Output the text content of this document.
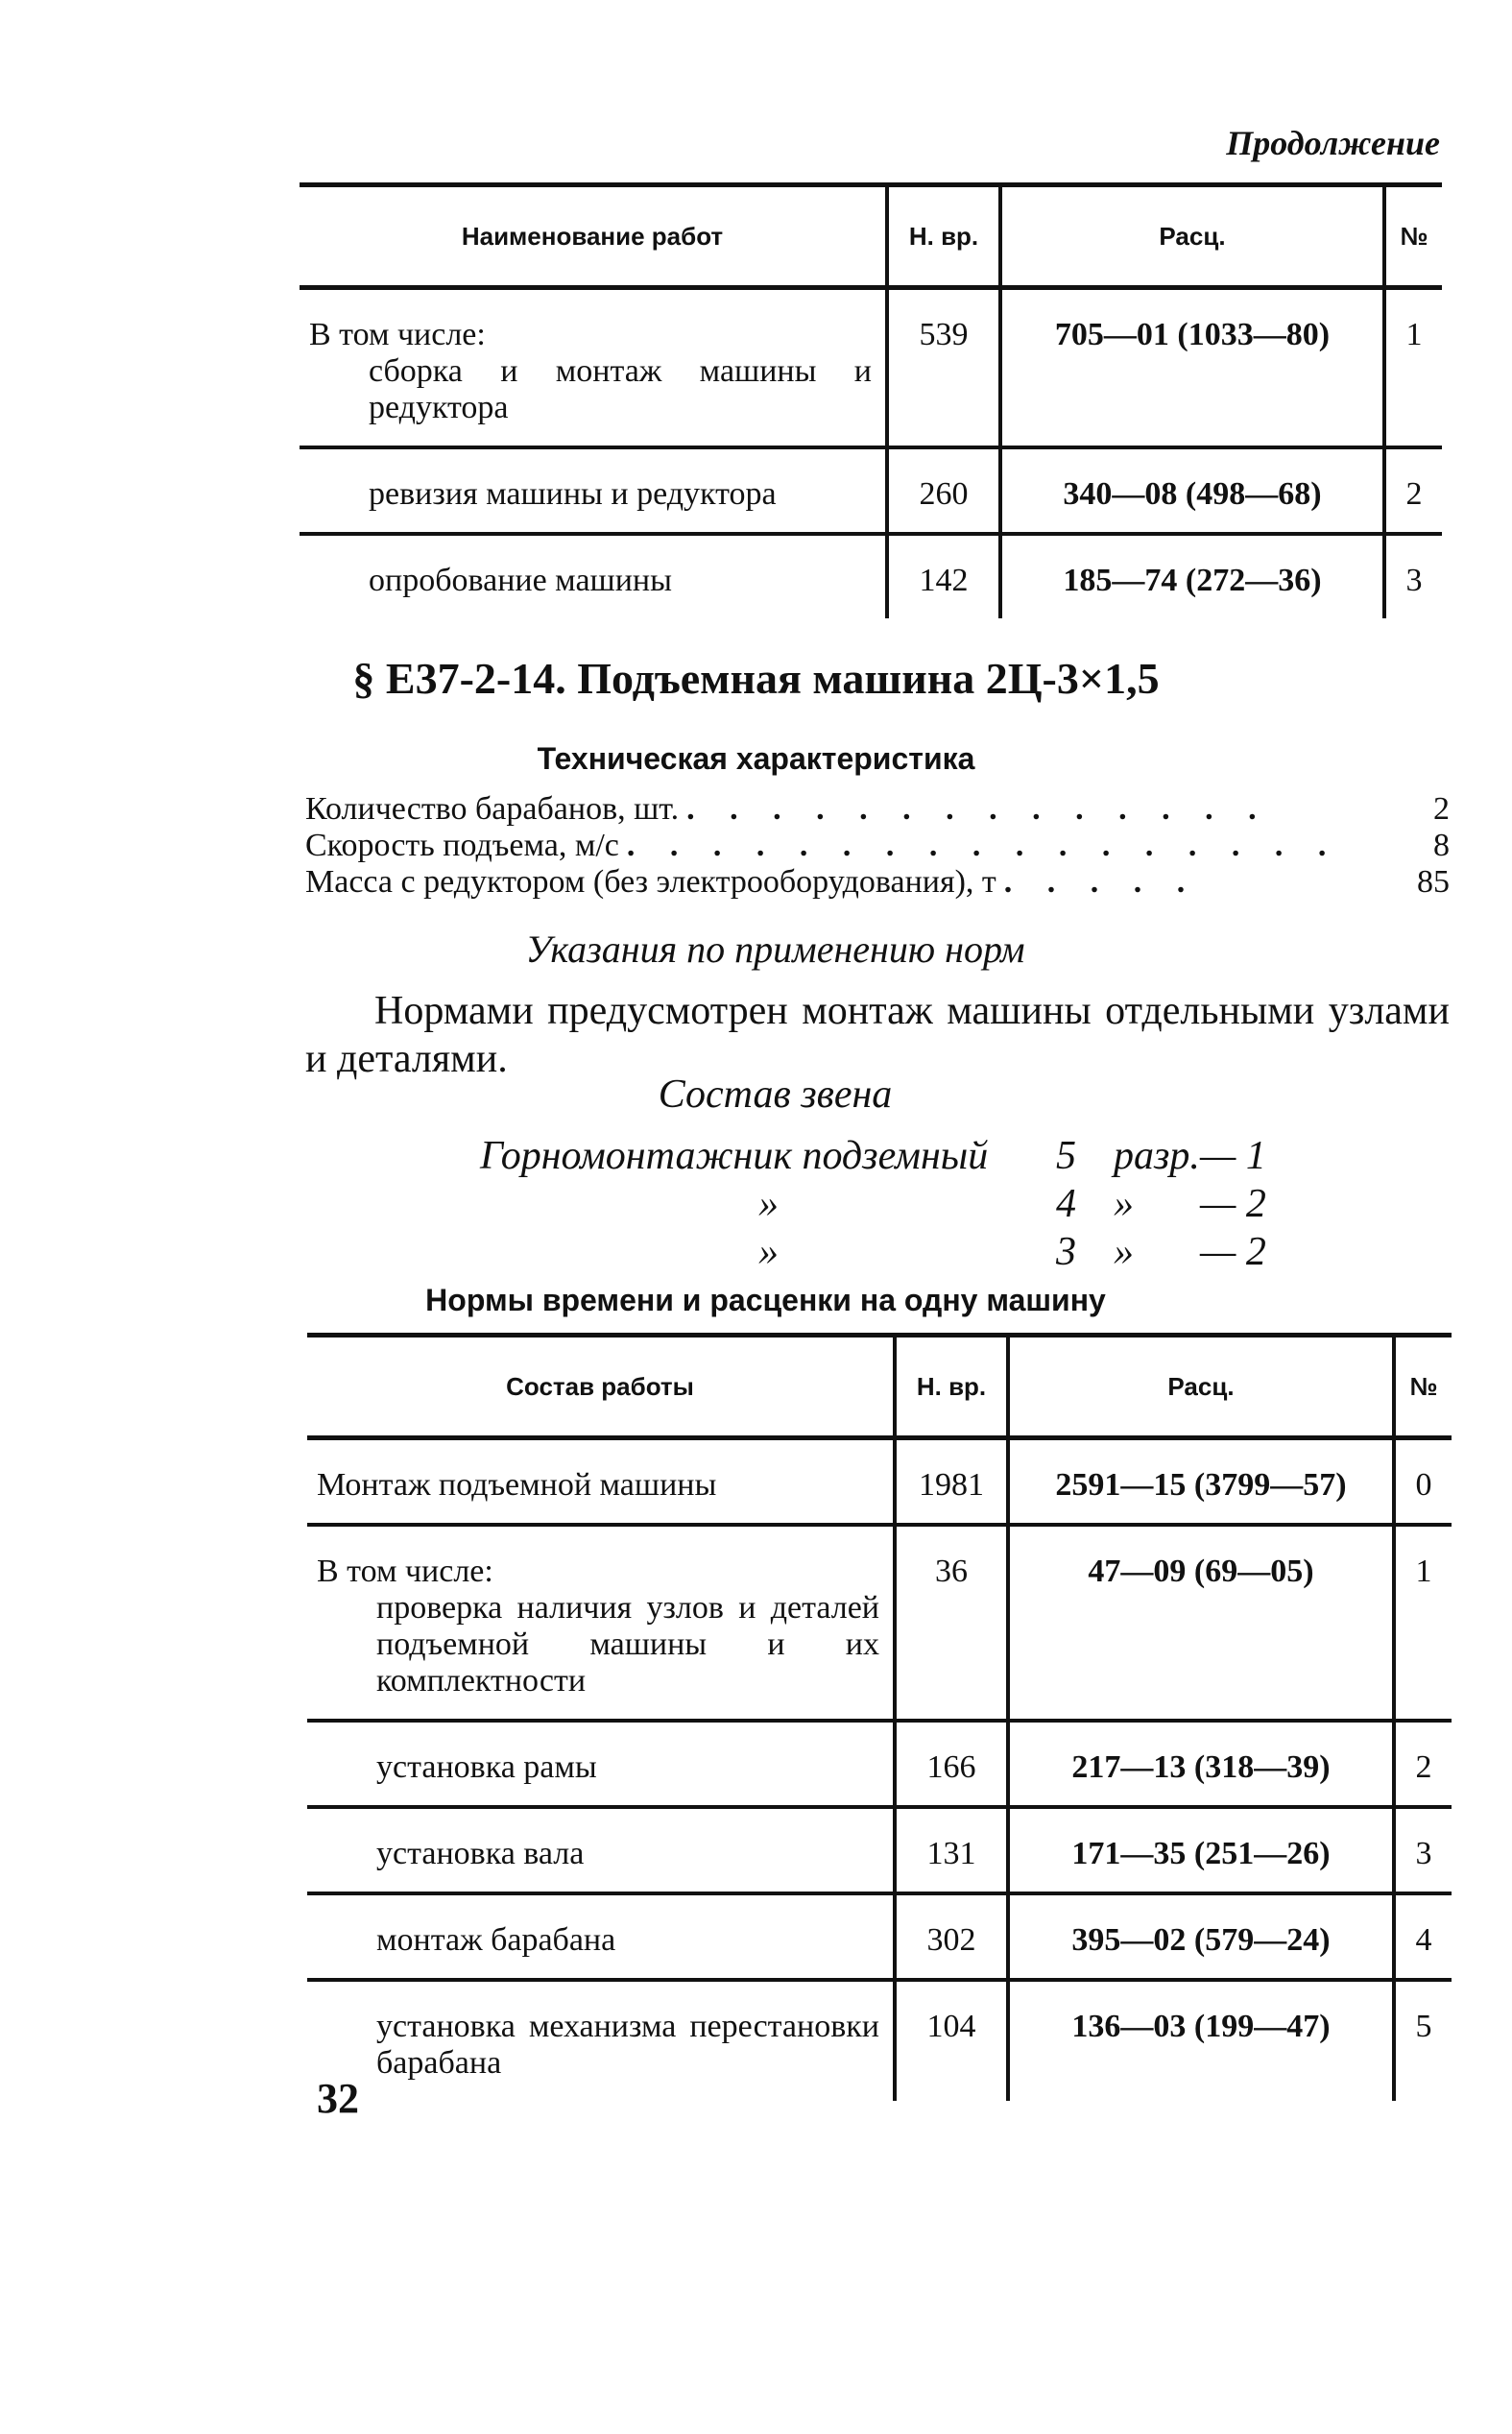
Продолжение
Наименование работ	Н. вр.	Расц.	№

В том числе:
сборка и монтаж машины и редуктора	539	705—01 (1033—80)	1

ревизия машины и редуктора	260	340—08 (498—68)	2

опробование машины	142	185—74 (272—36)	3
§ Е37-2-14. Подъемная машина 2Ц-3×1,5
Техническая характеристика
Количество барабанов, шт. . . . . . . . . . . . . . .	2
Скорость подъема, м/с . . . . . . . . . . . . . . . . .	8
Масса с редуктором (без электрооборудования), т . . . . .	85
Указания по применению норм
Нормами предусмотрен монтаж машины отдельными узлами и деталями.
Состав звена
Горномонтажник подземный 5 разр. — 1
»	4 » — 2
»	3 » — 2
Нормы времени и расценки на одну машину
Состав работы	Н. вр.	Расц.	№

Монтаж подъемной машины	1981	2591—15 (3799—57)	0

В том числе:
проверка наличия узлов и деталей подъемной машины и их комплектности	36	47—09 (69—05)	1

установка рамы	166	217—13 (318—39)	2

установка вала	131	171—35 (251—26)	3

монтаж барабана	302	395—02 (579—24)	4

установка механизма перестановки барабана	104	136—03 (199—47)	5
32
